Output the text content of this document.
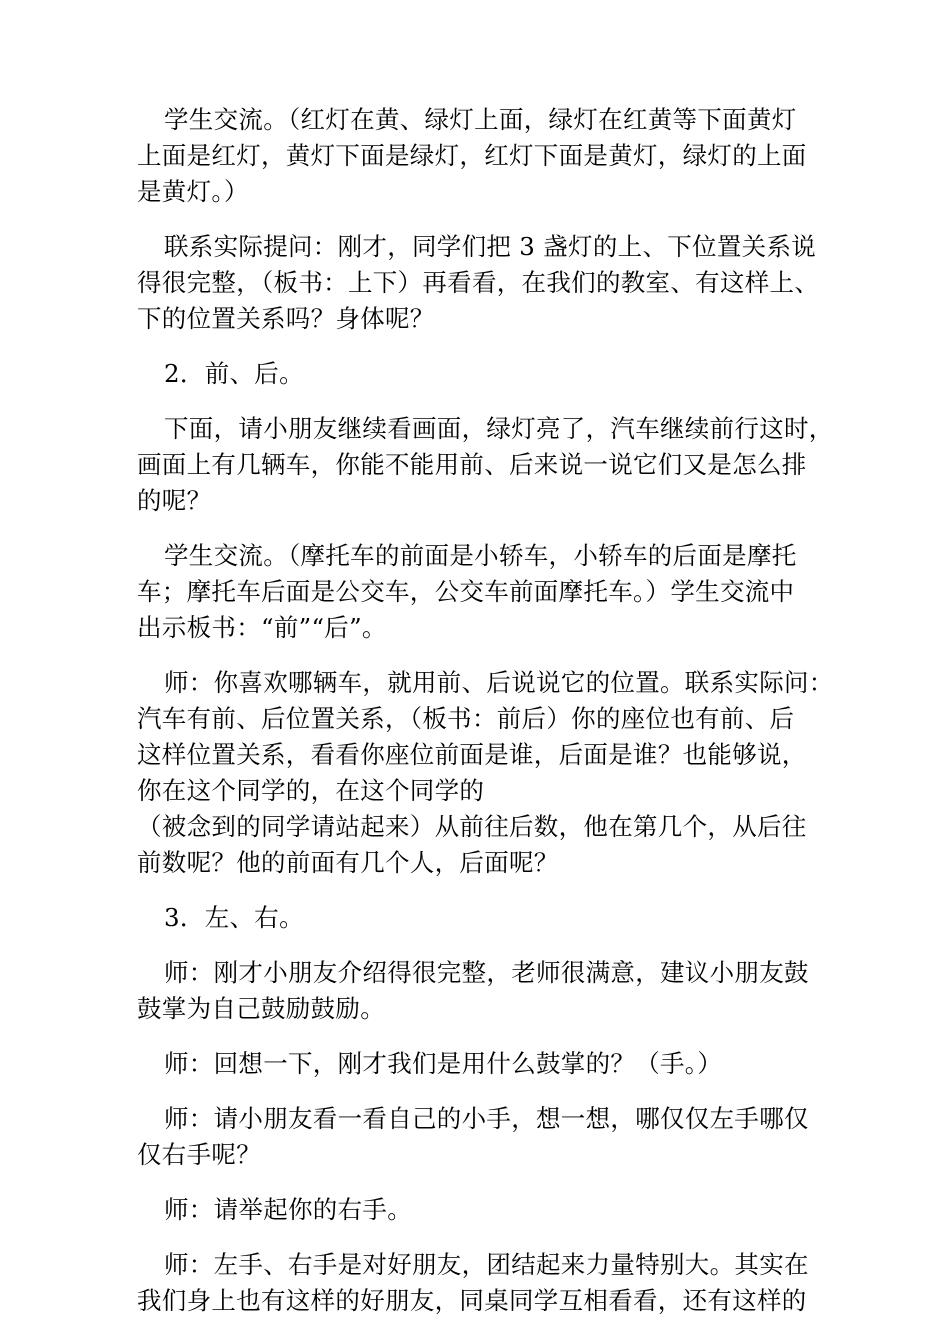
学生交流。（红灯在黄、绿灯上面，绿灯在红黄等下面黄灯
上面是红灯，黄灯下面是绿灯，红灯下面是黄灯，绿灯的上面
是黄灯。）

联系实际提问：刚才，同学们把 3 盏灯的上、下位置关系说
得很完整，（板书：上下）再看看，在我们的教室、有这样上、
下的位置关系吗？身体呢？

2．前、后。

下面，请小朋友继续看画面，绿灯亮了，汽车继续前行这时，
画面上有几辆车，你能不能用前、后来说一说它们又是怎么排
的呢？

学生交流。（摩托车的前面是小轿车，小轿车的后面是摩托
车；摩托车后面是公交车，公交车前面摩托车。）学生交流中
出示板书：“前”“后”。

师：你喜欢哪辆车，就用前、后说说它的位置。联系实际问：
汽车有前、后位置关系，（板书：前后）你的座位也有前、后
这样位置关系，看看你座位前面是谁，后面是谁？也能够说，
你在这个同学的，在这个同学的
（被念到的同学请站起来）从前往后数，他在第几个，从后往
前数呢？他的前面有几个人，后面呢？

3．左、右。

师：刚才小朋友介绍得很完整，老师很满意，建议小朋友鼓
鼓掌为自己鼓励鼓励。

师：回想一下，刚才我们是用什么鼓掌的？（手。）

师：请小朋友看一看自己的小手，想一想，哪仅仅左手哪仅
仅右手呢？

师：请举起你的右手。

师：左手、右手是对好朋友，团结起来力量特别大。其实在
我们身上也有这样的好朋友，同桌同学互相看看，还有这样的
